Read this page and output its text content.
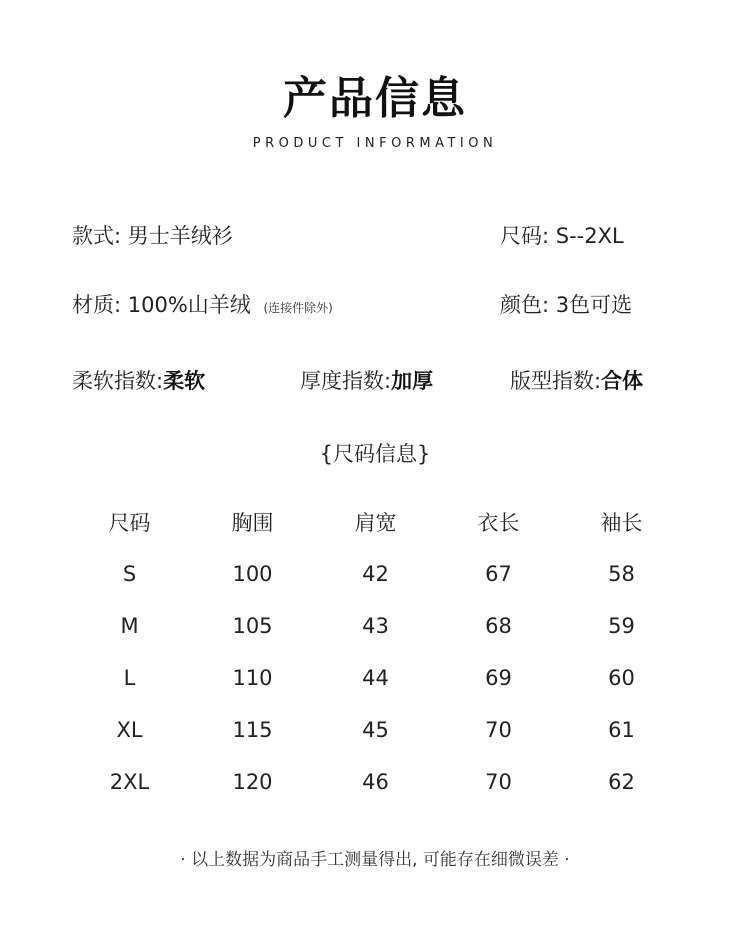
产品信息
PRODUCT INFORMATION
款式: 男士羊绒衫	尺码: S--2XL
材质: 100%山羊绒 (连接件除外)	颜色: 3色可选
柔软指数:柔软	厚度指数:加厚	版型指数:合体
{尺码信息}
尺码	胸围	肩宽	衣长	袖长
S	100	42	67	58
M	105	43	68	59
L	110	44	69	60
XL	115	45	70	61
2XL	120	46	70	62
· 以上数据为商品手工测量得出, 可能存在细微误差 ·
